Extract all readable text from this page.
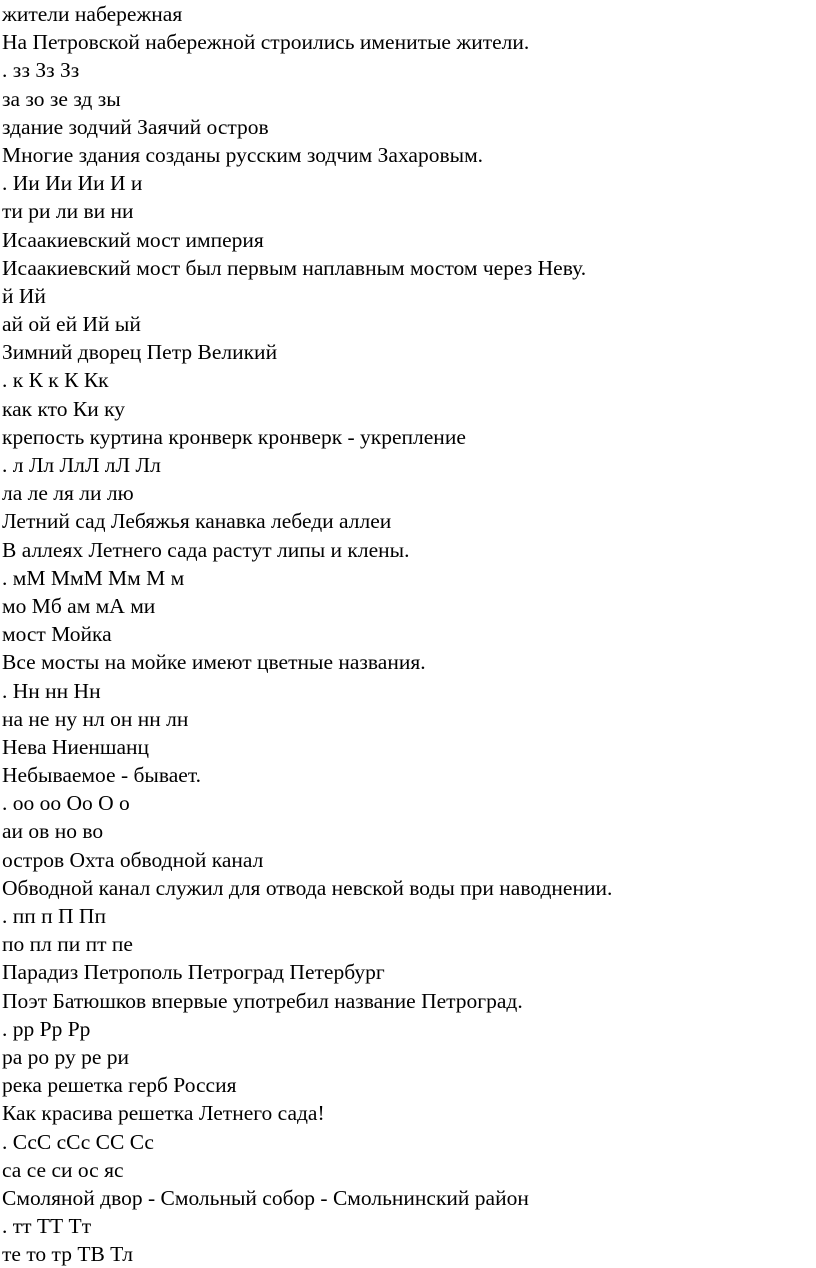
жители набережная
На Петровской набережной строились именитые жители.
. зз Зз Зз
за зо зе зд зы
здание зодчий Заячий остров
Многие здания созданы русским зодчим Захаровым.
. Ии Ии Ии И и
ти ри ли ви ни
Исаакиевский мост империя
Исаакиевский мост был первым наплавным мостом через Неву.
й Ий
ай ой ей Ий ый
Зимний дворец Петр Великий
. к К к К Кк
как кто Ки ку
крепость куртина кронверк кронверк - укрепление
. л Лл ЛлЛ лЛ Лл
ла ле ля ли лю
Летний сад Лебяжья канавка лебеди аллеи
В аллеях Летнего сада растут липы и клены.
. мМ МмМ Мм М м
мо Мб ам мА ми
мост Мойка
Все мосты на мойке имеют цветные названия.
. Нн нн Нн
на не ну нл он нн лн
Нева Ниеншанц
Небываемое - бывает.
. оо оо Оо О о
аи ов но во
остров Охта обводной канал
Обводной канал служил для отвода невской воды при наводнении.
. пп п П Пп
по пл пи пт пе
Парадиз Петрополь Петроград Петербург
Поэт Батюшков впервые употребил название Петроград.
. рр Рр Рр
ра ро ру ре ри
река решетка герб Россия
Как красива решетка Летнего сада!
. СсС сСс СС Сс
са се си ос яс
Смоляной двор - Смольный собор - Смольнинский район
. тт ТТ Тт
те то тр ТВ Тл
